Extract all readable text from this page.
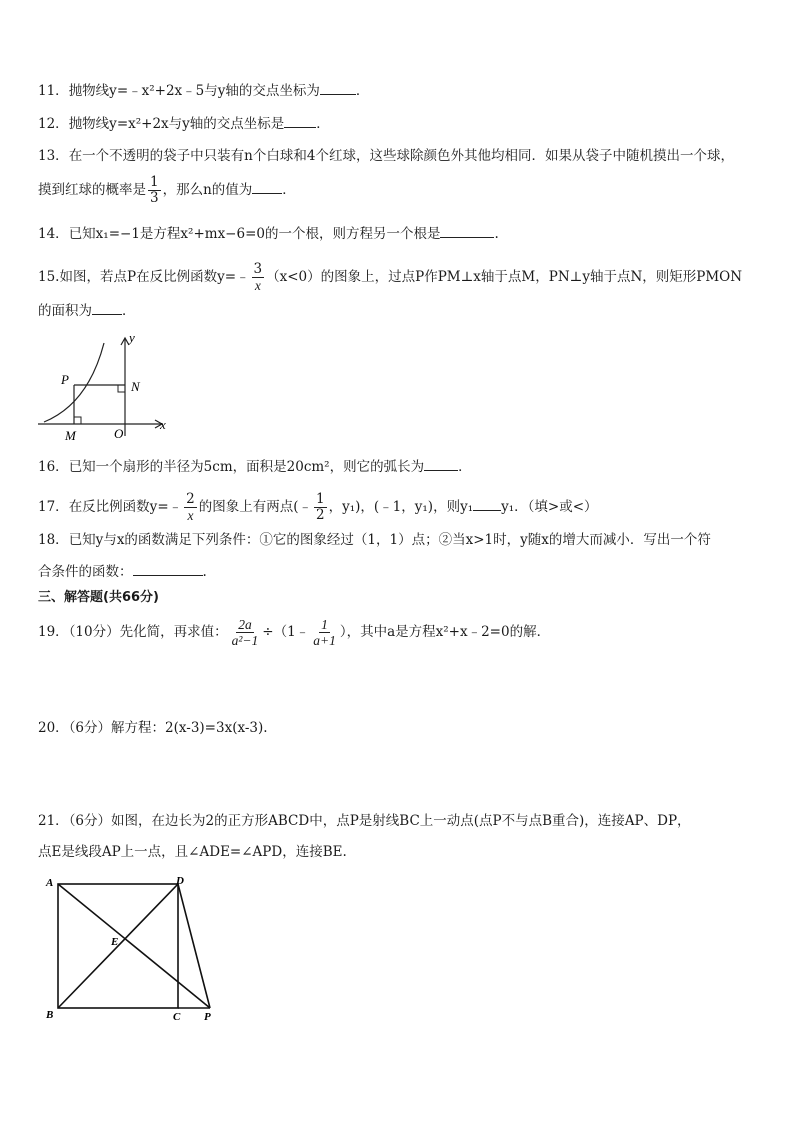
11．抛物线y=﹣x²+2x﹣5与y轴的交点坐标为	．
12．抛物线y=x²+2x与y轴的交点坐标是 ．
13．在一个不透明的袋子中只装有n个白球和4个红球，这些球除颜色外其他均相同．如果从袋子中随机摸出一个球，
摸到红球的概率是 $\frac{1}{3}$ ，那么n的值为 ．
14．已知x₁=−1是方程x²+mx−6=0的一个根，则方程另一个根是	.
15.如图，若点P在反比例函数y=﹣ $\frac{3}{x} (x<0)$的图象上，过点P作PM⊥x轴于点M，PN⊥y轴于点N，则矩形PMON
的面积为 ．
y
x
P	N
M	O
16．已知一个扇形的半径为5cm，面积是20cm²，则它的弧长为	．
17．在反比例函数y=﹣ $\frac{2}{x}$ 的图象上有两点(﹣ $\frac{1}{2}$ ，y₁)，(﹣1，y₁)，则y₁ y₁．（填>或<）
18．已知y与x的函数满足下列条件：①它的图象经过（1，1）点；②当x>1时，y随x的增大而减小．写出一个符
合条件的函数：	.
三、解答题(共66分)
19．（10分）先化简，再求值： $\frac{2a}{\text{a²−1}}$ ÷（1﹣ $\frac{1}{a+1}$ ），其中a是方程x²+x﹣2=0的解．
20．（6分）解方程：2(x-3)=3x(x-3).
21．（6分）如图，在边长为2的正方形ABCD中，点P是射线BC上一动点(点P不与点B重合)，连接AP、DP，
点E是线段AP上一点，且∠ADE=∠APD，连接BE.
A	D
E
B	C P
